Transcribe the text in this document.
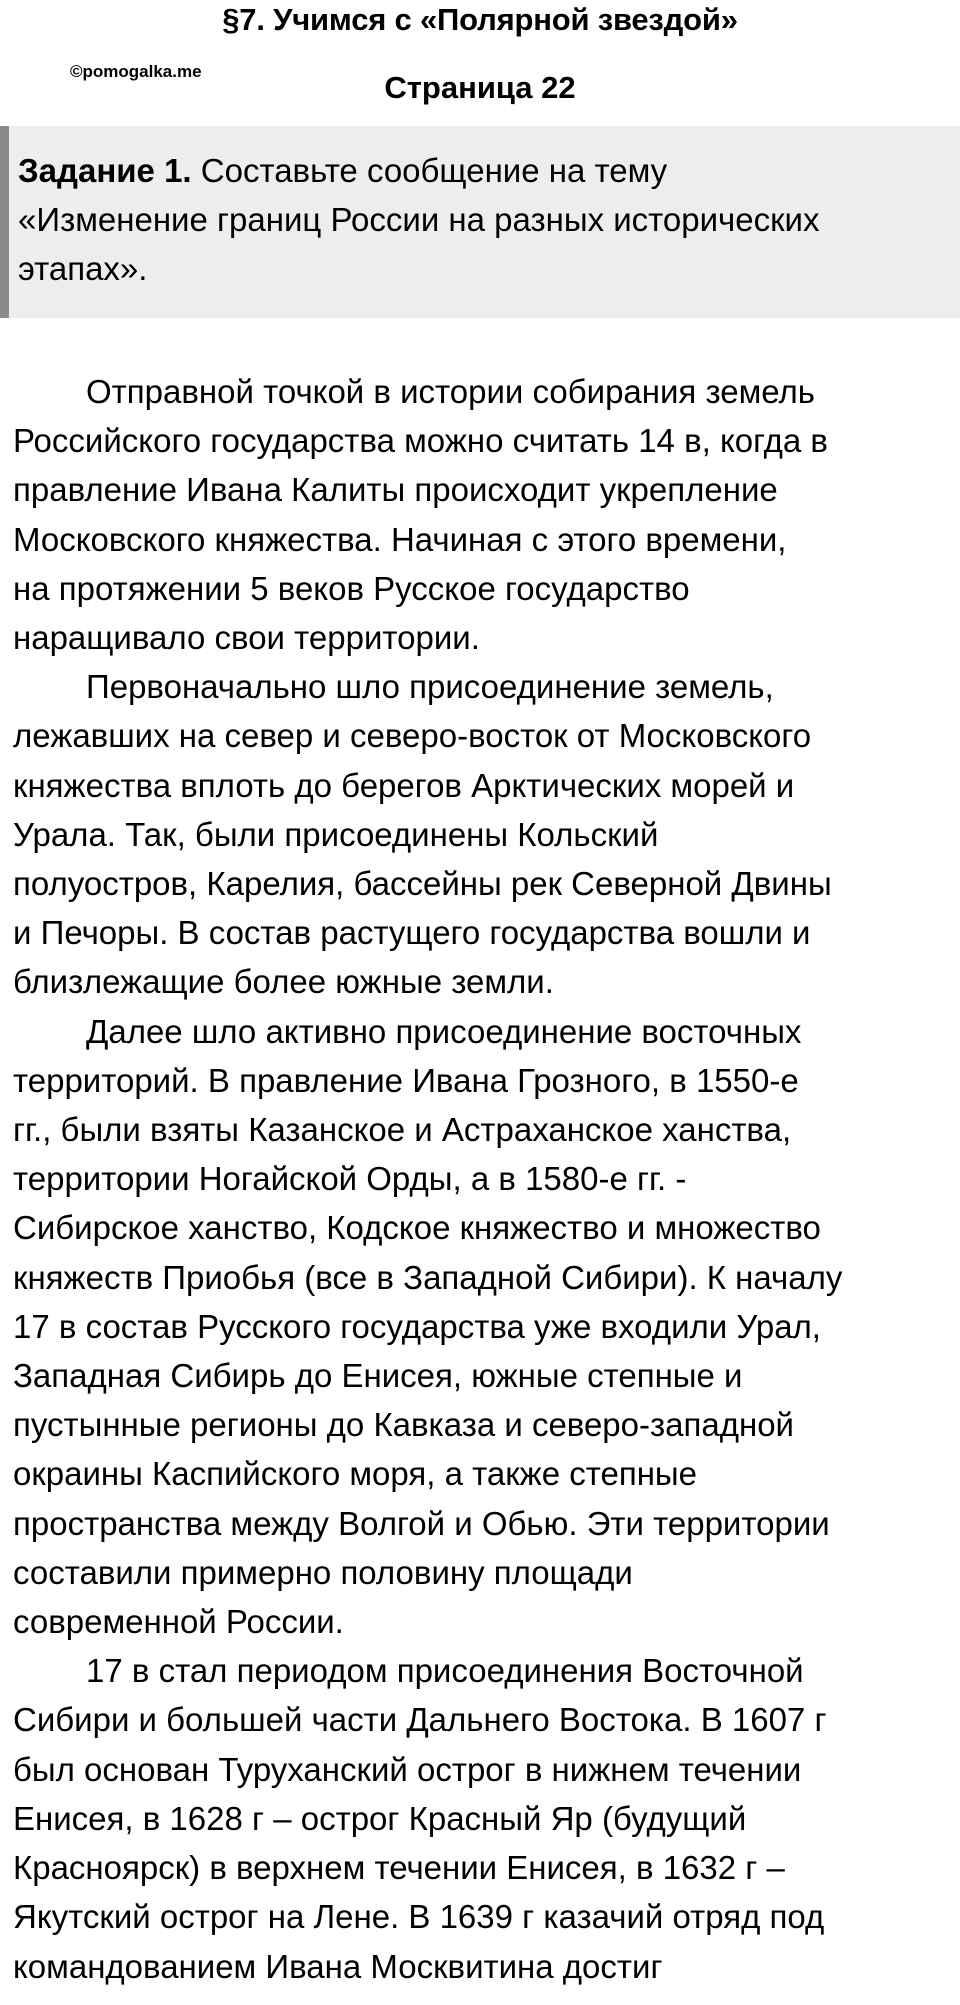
§7. Учимся с «Полярной звездой»
©pomogalka.me	Страница 22
Задание 1. Составьте сообщение на тему
«Изменение границ России на разных исторических
этапах».
Отправной точкой в истории собирания земель
Российского государства можно считать 14 в, когда в
правление Ивана Калиты происходит укрепление
Московского княжества. Начиная с этого времени,
на протяжении 5 веков Русское государство
наращивало свои территории.
Первоначально шло присоединение земель,
лежавших на север и северо-восток от Московского
княжества вплоть до берегов Арктических морей и
Урала. Так, были присоединены Кольский
полуостров, Карелия, бассейны рек Северной Двины
и Печоры. В состав растущего государства вошли и
близлежащие более южные земли.
Далее шло активно присоединение восточных
территорий. В правление Ивана Грозного, в 1550-е
гг., были взяты Казанское и Астраханское ханства,
территории Ногайской Орды, а в 1580-е гг. -
Сибирское ханство, Кодское княжество и множество
княжеств Приобья (все в Западной Сибири). К началу
17 в состав Русского государства уже входили Урал,
Западная Сибирь до Енисея, южные степные и
пустынные регионы до Кавказа и северо-западной
окраины Каспийского моря, а также степные
пространства между Волгой и Обью. Эти территории
составили примерно половину площади
современной России.
17 в стал периодом присоединения Восточной
Сибири и большей части Дальнего Востока. В 1607 г
был основан Туруханский острог в нижнем течении
Енисея, в 1628 г – острог Красный Яр (будущий
Красноярск) в верхнем течении Енисея, в 1632 г –
Якутский острог на Лене. В 1639 г казачий отряд под
командованием Ивана Москвитина достиг
